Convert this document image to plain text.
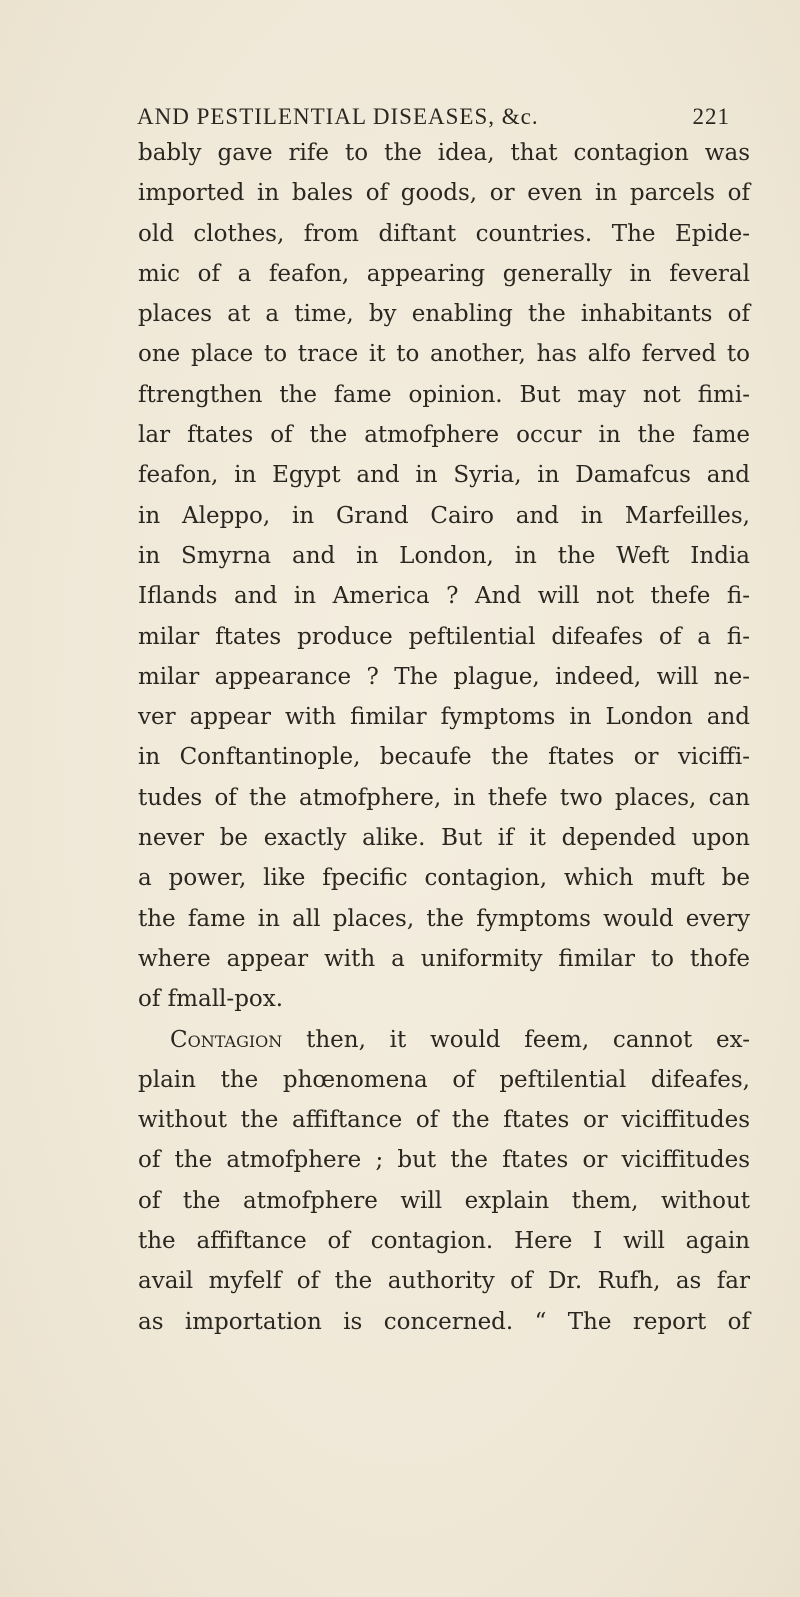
AND PESTILENTIAL DISEASES, &c.	221
bably gave rife to the idea, that contagion was
imported in bales of goods, or even in parcels of
old clothes, from diftant countries. The Epide-
mic of a feafon, appearing generally in feveral
places at a time, by enabling the inhabitants of
one place to trace it to another, has alfo ferved to
ftrengthen the fame opinion. But may not fimi-
lar ftates of the atmofphere occur in the fame
feafon, in Egypt and in Syria, in Damafcus and
in Aleppo, in Grand Cairo and in Marfeilles,
in Smyrna and in London, in the Weft India
Iflands and in America ? And will not thefe fi-
milar ftates produce peftilential difeafes of a fi-
milar appearance ? The plague, indeed, will ne-
ver appear with fimilar fymptoms in London and
in Conftantinople, becaufe the ftates or viciffi-
tudes of the atmofphere, in thefe two places, can
never be exactly alike. But if it depended upon
a power, like fpecific contagion, which muft be
the fame in all places, the fymptoms would every
where appear with a uniformity fimilar to thofe
of fmall-pox.
Contagion then, it would feem, cannot ex-
plain the phœnomena of peftilential difeafes,
without the affiftance of the ftates or viciffitudes
of the atmofphere ; but the ftates or viciffitudes
of the atmofphere will explain them, without
the affiftance of contagion. Here I will again
avail myfelf of the authority of Dr. Rufh, as far
as importation is concerned. “ The report of
